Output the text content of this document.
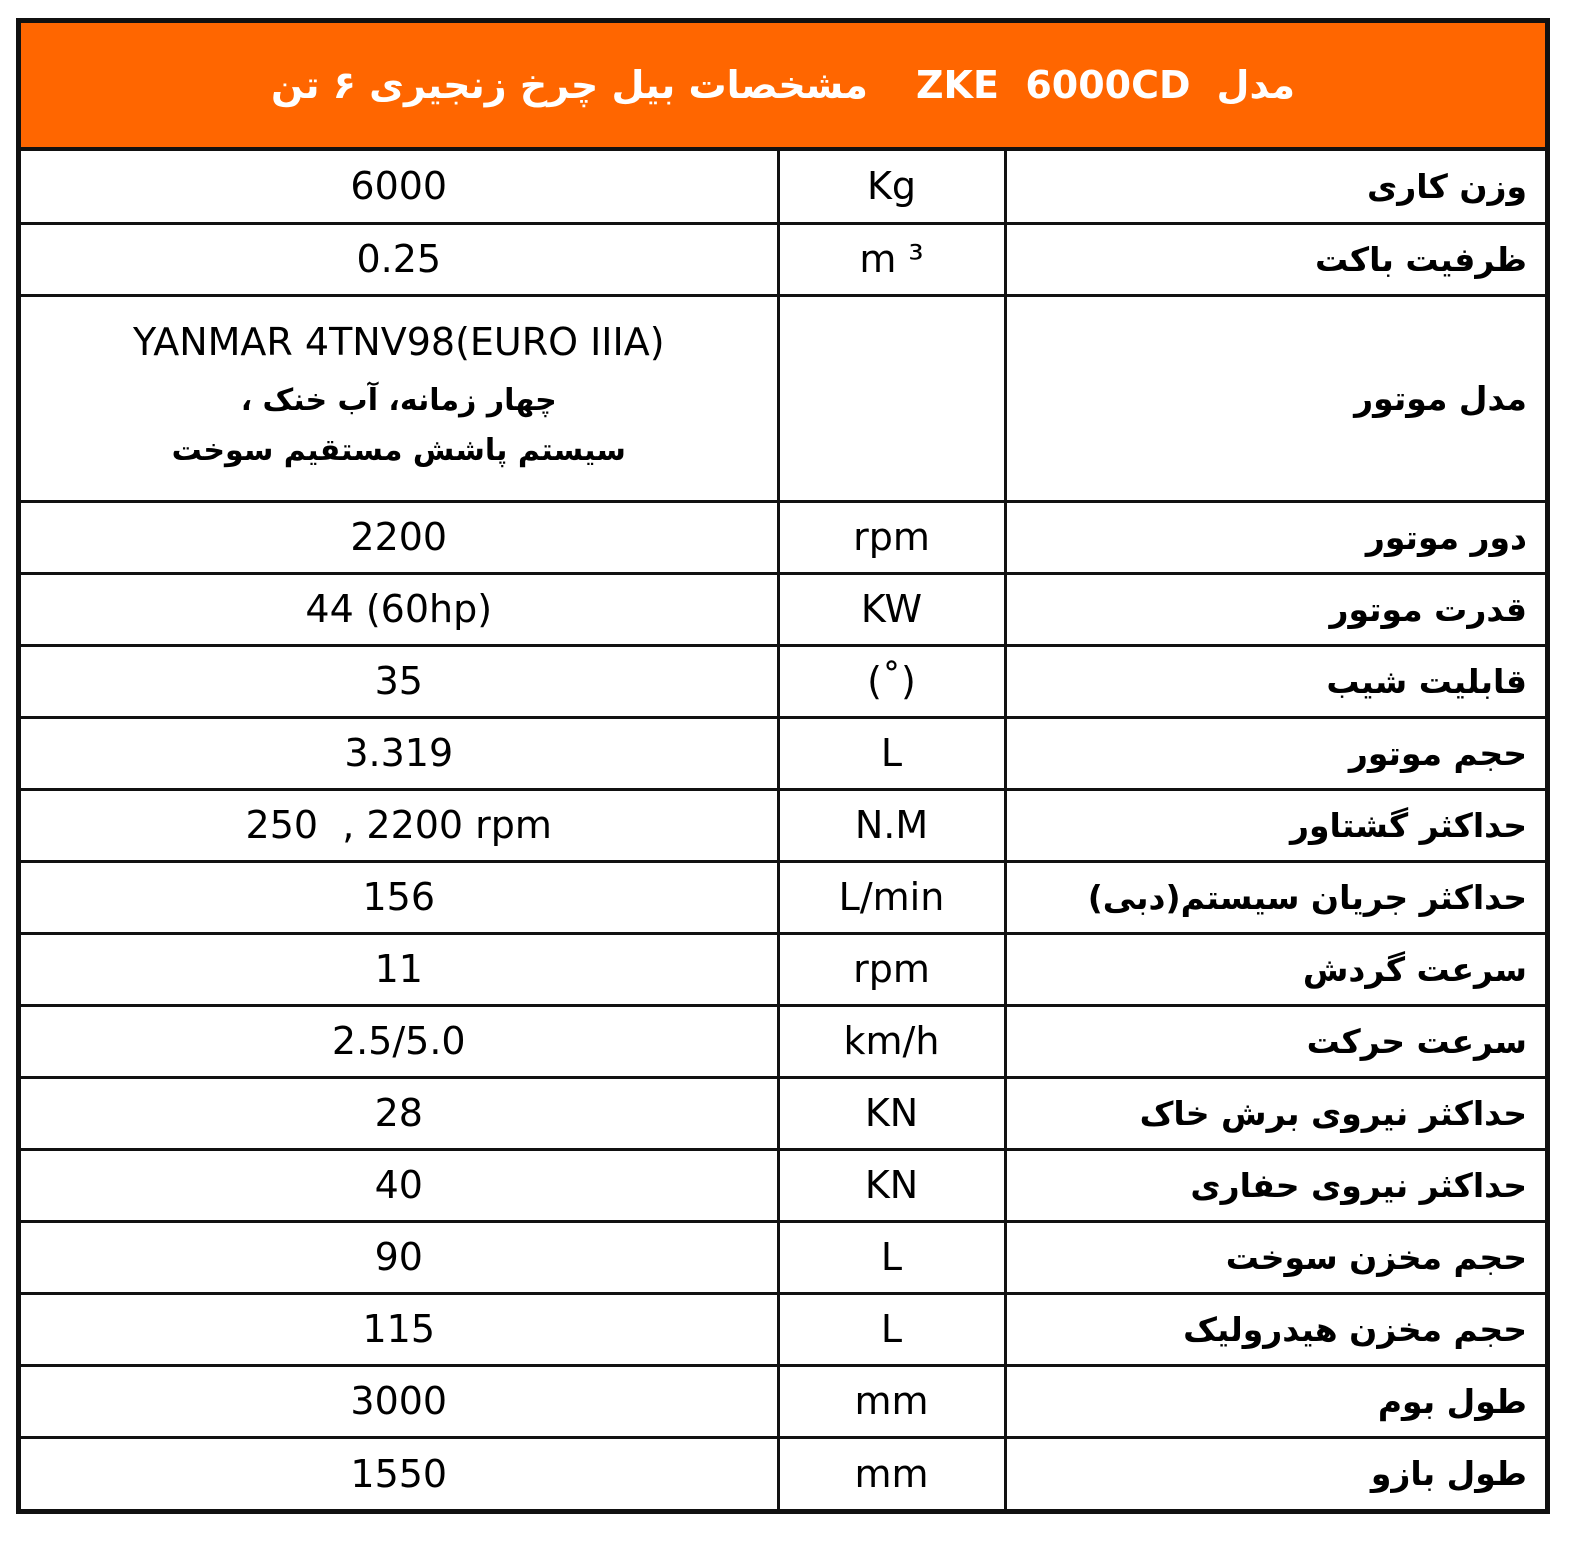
مشخصات بیل چرخ زنجیری ۶ تن ZKE  6000CD مدل
6000	Kg	وزن کاری
0.25	m ³	ظرفیت باکت

YANMAR 4TNV98(EURO IIIA)
چهار زمانه، آب خنک ،
سیستم پاشش مستقیم سوخت		مدل موتور
2200	rpm	دور موتور
44 (60hp)	KW	قدرت موتور
35	(˚)	قابلیت شیب
3.319	L	حجم موتور
250  , 2200 rpm	N.M	حداکثر گشتاور
156	L/min	حداکثر جریان سیستم(دبی)
11	rpm	سرعت گردش
2.5/5.0	km/h	سرعت حرکت
28	KN	حداکثر نیروی برش خاک
40	KN	حداکثر نیروی حفاری
90	L	حجم مخزن سوخت
115	L	حجم مخزن هیدرولیک
3000	mm	طول بوم
1550	mm	طول بازو
